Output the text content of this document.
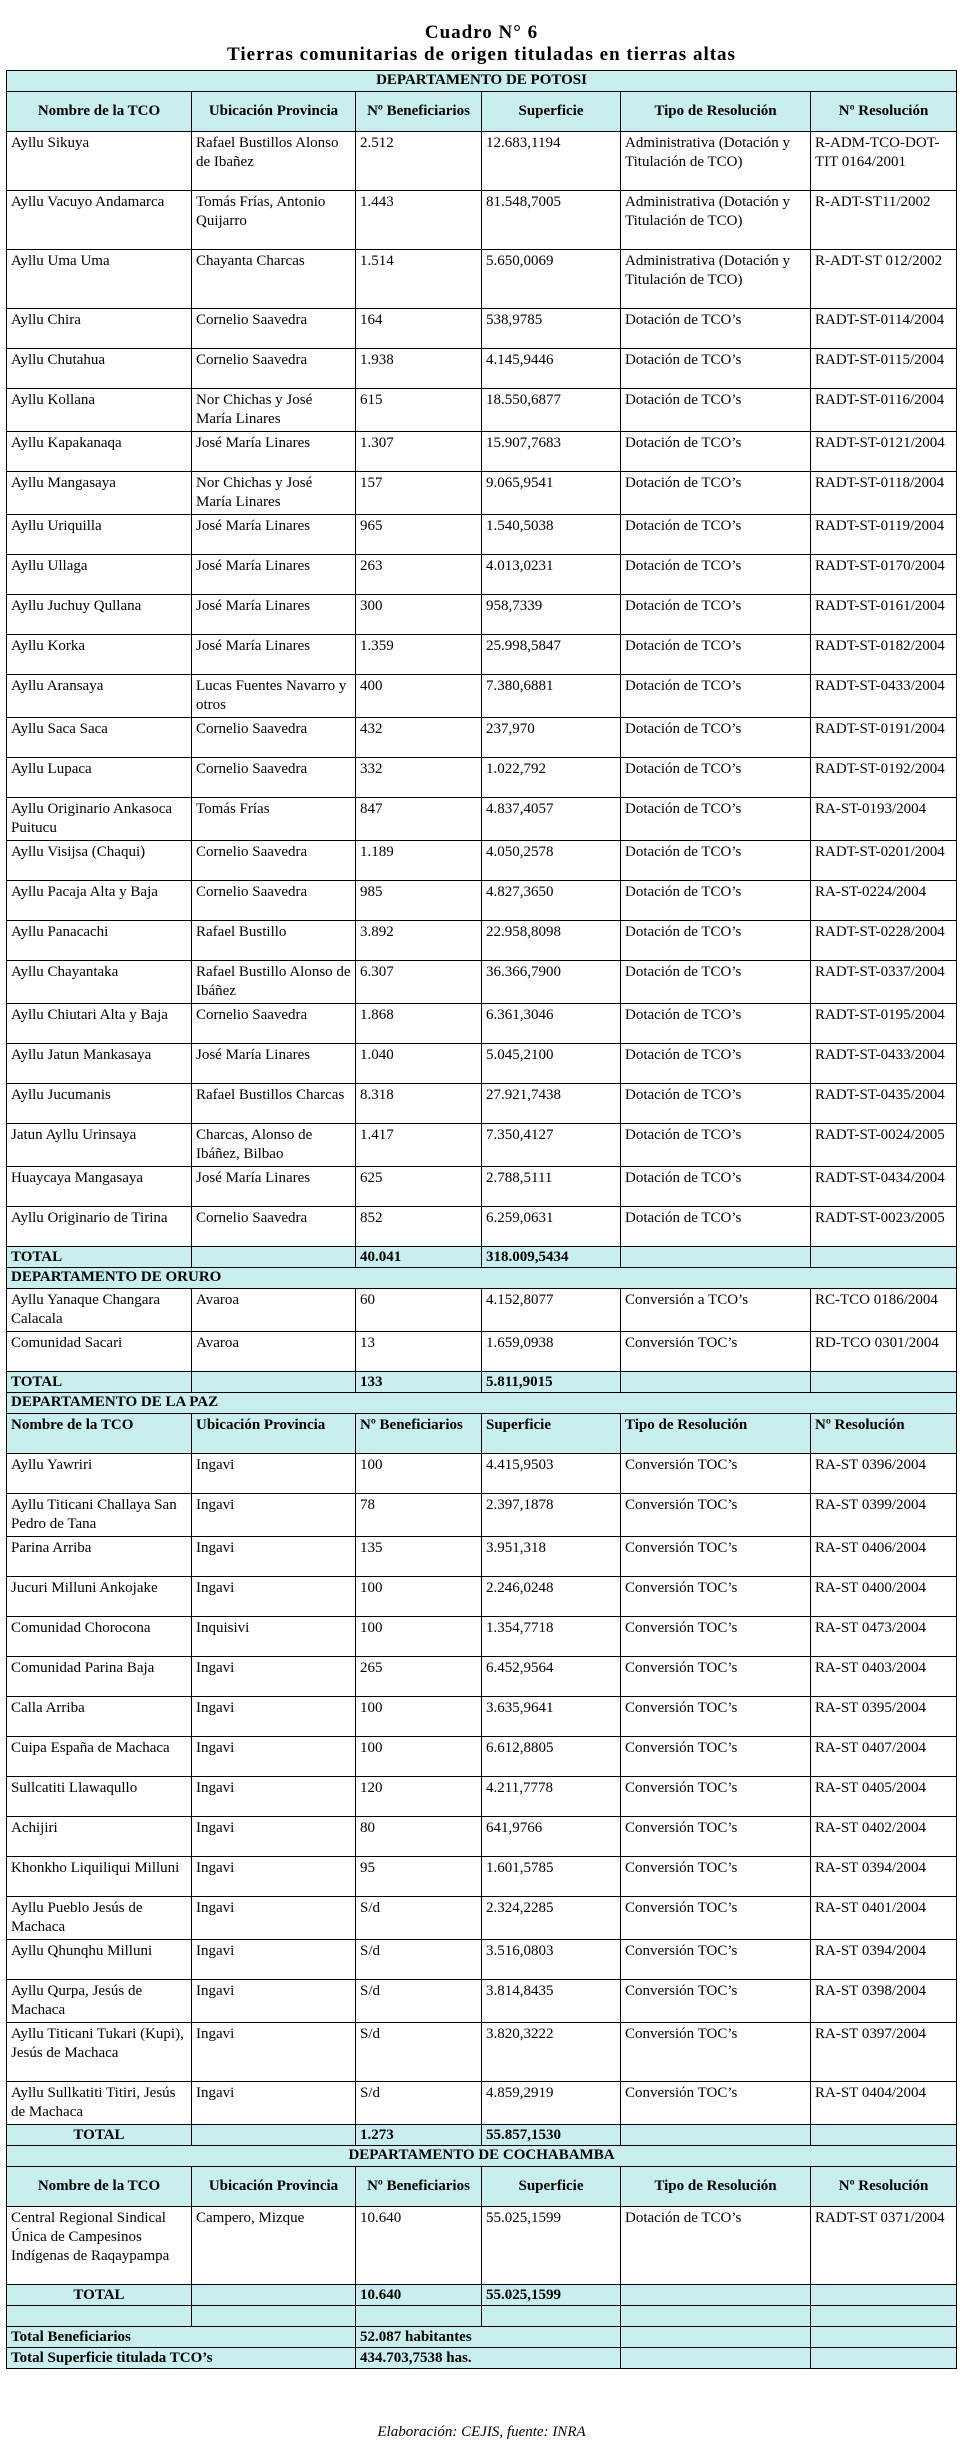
Cuadro N° 6
Tierras comunitarias de origen tituladas en tierras altas
DEPARTAMENTO DE POTOSI					
Nombre de la TCO	Ubicación Provincia	Nº Beneficiarios	Superficie	Tipo de Resolución	Nº Resolución
Ayllu Sikuya	Rafael Bustillos Alonso de Ibañez	2.512	12.683,1194	Administrativa (Dotación y Titulación de TCO)	R-ADM-TCO-DOT-TIT 0164/2001
Ayllu Vacuyo Andamarca	Tomás Frías, Antonio Quijarro	1.443	81.548,7005	Administrativa (Dotación y Titulación de TCO)	R-ADT-ST11/2002
Ayllu Uma Uma	Chayanta Charcas	1.514	5.650,0069	Administrativa (Dotación y Titulación de TCO)	R-ADT-ST 012/2002
Ayllu Chira	Cornelio Saavedra	164	538,9785	Dotación de TCO’s	RADT-ST-0114/2004
Ayllu Chutahua	Cornelio Saavedra	1.938	4.145,9446	Dotación de TCO’s	RADT-ST-0115/2004
Ayllu Kollana	Nor Chichas y José María Linares	615	18.550,6877	Dotación de TCO’s	RADT-ST-0116/2004
Ayllu Kapakanaqa	José María Linares	1.307	15.907,7683	Dotación de TCO’s	RADT-ST-0121/2004
Ayllu Mangasaya	Nor Chichas y José María Linares	157	9.065,9541	Dotación de TCO’s	RADT-ST-0118/2004
Ayllu Uriquilla	José María Linares	965	1.540,5038	Dotación de TCO’s	RADT-ST-0119/2004
Ayllu Ullaga	José María Linares	263	4.013,0231	Dotación de TCO’s	RADT-ST-0170/2004
Ayllu Juchuy Qullana	José María Linares	300	958,7339	Dotación de TCO’s	RADT-ST-0161/2004
Ayllu Korka	José María Linares	1.359	25.998,5847	Dotación de TCO’s	RADT-ST-0182/2004
Ayllu Aransaya	Lucas Fuentes Navarro y otros	400	7.380,6881	Dotación de TCO’s	RADT-ST-0433/2004
Ayllu Saca Saca	Cornelio Saavedra	432	237,970	Dotación de TCO’s	RADT-ST-0191/2004
Ayllu Lupaca	Cornelio Saavedra	332	1.022,792	Dotación de TCO’s	RADT-ST-0192/2004
Ayllu Originario Ankasoca Puitucu	Tomás Frías	847	4.837,4057	Dotación de TCO’s	RA-ST-0193/2004
Ayllu Visijsa (Chaqui)	Cornelio Saavedra	1.189	4.050,2578	Dotación de TCO’s	RADT-ST-0201/2004
Ayllu Pacaja Alta y Baja	Cornelio Saavedra	985	4.827,3650	Dotación de TCO’s	RA-ST-0224/2004
Ayllu Panacachi	Rafael Bustillo	3.892	22.958,8098	Dotación de TCO’s	RADT-ST-0228/2004
Ayllu Chayantaka	Rafael Bustillo Alonso de Ibáñez	6.307	36.366,7900	Dotación de TCO’s	RADT-ST-0337/2004
Ayllu Chiutari Alta y Baja	Cornelio Saavedra	1.868	6.361,3046	Dotación de TCO’s	RADT-ST-0195/2004
Ayllu Jatun Mankasaya	José María Linares	1.040	5.045,2100	Dotación de TCO’s	RADT-ST-0433/2004
Ayllu Jucumanis	Rafael Bustillos Charcas	8.318	27.921,7438	Dotación de TCO’s	RADT-ST-0435/2004
Jatun Ayllu Urinsaya	Charcas, Alonso de Ibáñez, Bilbao	1.417	7.350,4127	Dotación de TCO’s	RADT-ST-0024/2005
Huaycaya Mangasaya	José María Linares	625	2.788,5111	Dotación de TCO’s	RADT-ST-0434/2004
Ayllu Originario de Tirina	Cornelio Saavedra	852	6.259,0631	Dotación de TCO’s	RADT-ST-0023/2005
TOTAL		40.041	318.009,5434		
DEPARTAMENTO DE ORURO					
Ayllu Yanaque Changara Calacala	Avaroa	60	4.152,8077	Conversión a TCO’s	RC-TCO 0186/2004
Comunidad Sacari	Avaroa	13	1.659,0938	Conversión TOC’s	RD-TCO 0301/2004
TOTAL		133	5.811,9015		
DEPARTAMENTO DE LA PAZ					
Nombre de la TCO	Ubicación Provincia	Nº Beneficiarios	Superficie	Tipo de Resolución	Nº Resolución
Ayllu Yawriri	Ingavi	100	4.415,9503	Conversión TOC’s	RA-ST 0396/2004
Ayllu Titicani Challaya San Pedro de Tana	Ingavi	78	2.397,1878	Conversión TOC’s	RA-ST 0399/2004
Parina Arriba	Ingavi	135	3.951,318	Conversión TOC’s	RA-ST 0406/2004
Jucuri Milluni Ankojake	Ingavi	100	2.246,0248	Conversión TOC’s	RA-ST 0400/2004
Comunidad Chorocona	Inquisivi	100	1.354,7718	Conversión TOC’s	RA-ST 0473/2004
Comunidad Parina Baja	Ingavi	265	6.452,9564	Conversión TOC’s	RA-ST 0403/2004
Calla Arriba	Ingavi	100	3.635,9641	Conversión TOC’s	RA-ST 0395/2004
Cuipa España de Machaca	Ingavi	100	6.612,8805	Conversión TOC’s	RA-ST 0407/2004
Sullcatiti Llawaqullo	Ingavi	120	4.211,7778	Conversión TOC’s	RA-ST 0405/2004
Achijiri	Ingavi	80	641,9766	Conversión TOC’s	RA-ST 0402/2004
Khonkho Liquiliqui Milluni	Ingavi	95	1.601,5785	Conversión TOC’s	RA-ST 0394/2004
Ayllu Pueblo Jesús de Machaca	Ingavi	S/d	2.324,2285	Conversión TOC’s	RA-ST 0401/2004
Ayllu Qhunqhu Milluni	Ingavi	S/d	3.516,0803	Conversión TOC’s	RA-ST 0394/2004
Ayllu Qurpa, Jesús de Machaca	Ingavi	S/d	3.814,8435	Conversión TOC’s	RA-ST 0398/2004
Ayllu Titicani Tukari (Kupi), Jesús de Machaca	Ingavi	S/d	3.820,3222	Conversión TOC’s	RA-ST 0397/2004
Ayllu Sullkatiti Titiri, Jesús de Machaca	Ingavi	S/d	4.859,2919	Conversión TOC’s	RA-ST 0404/2004
TOTAL		1.273	55.857,1530		
DEPARTAMENTO DE COCHABAMBA					
Nombre de la TCO	Ubicación Provincia	Nº Beneficiarios	Superficie	Tipo de Resolución	Nº Resolución
Central Regional Sindical Única de Campesinos Indígenas de Raqaypampa	Campero, Mizque	10.640	55.025,1599	Dotación de TCO’s	RADT-ST 0371/2004
TOTAL		10.640	55.025,1599		

Total Beneficiarios		52.087 habitantes			
Total Superficie titulada TCO’s		434.703,7538 has.			
Elaboración: CEJIS, fuente: INRA
